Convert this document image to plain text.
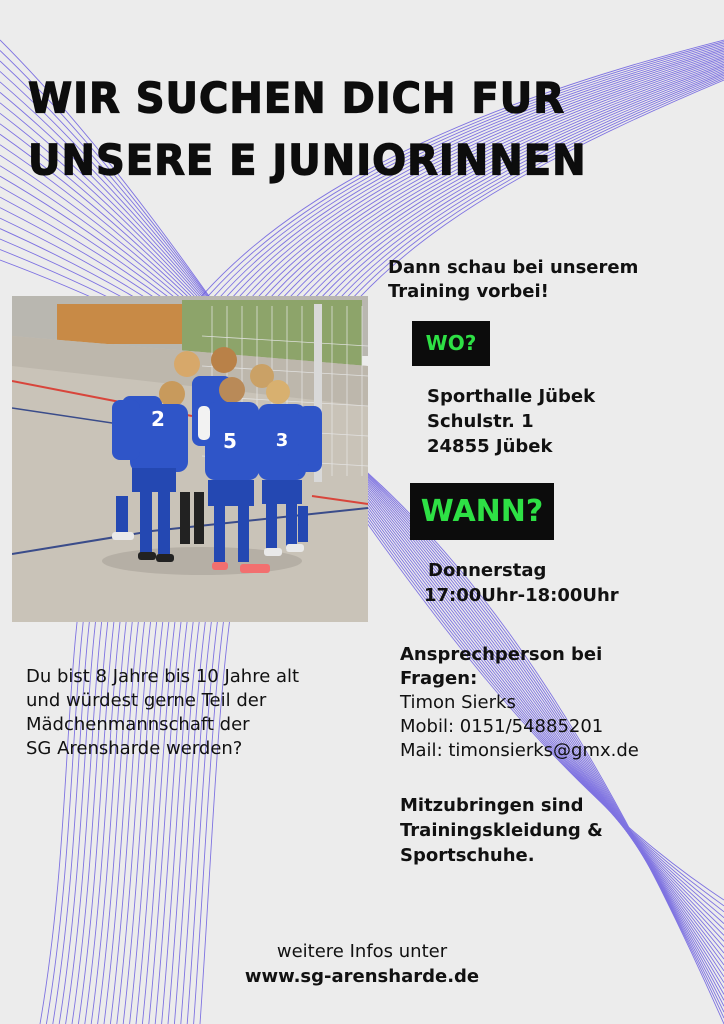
WIR SUCHEN DICH FUR
UNSERE E JUNIORINNEN
Dann schau bei unserem
Training vorbei!
2
5 3
WO?
Sporthalle Jübek
Schulstr. 1
24855 Jübek
WANN?
Donnerstag
17:00Uhr-18:00Uhr
Du bist 8 Jahre bis 10 Jahre alt
und würdest gerne Teil der
Mädchenmannschaft der
SG Arensharde werden?
Ansprechperson bei
Fragen:
Timon Sierks
Mobil: 0151/54885201
Mail: timonsierks@gmx.de
Mitzubringen sind
Trainingskleidung &
Sportschuhe.
weitere Infos unter
www.sg-arensharde.de
